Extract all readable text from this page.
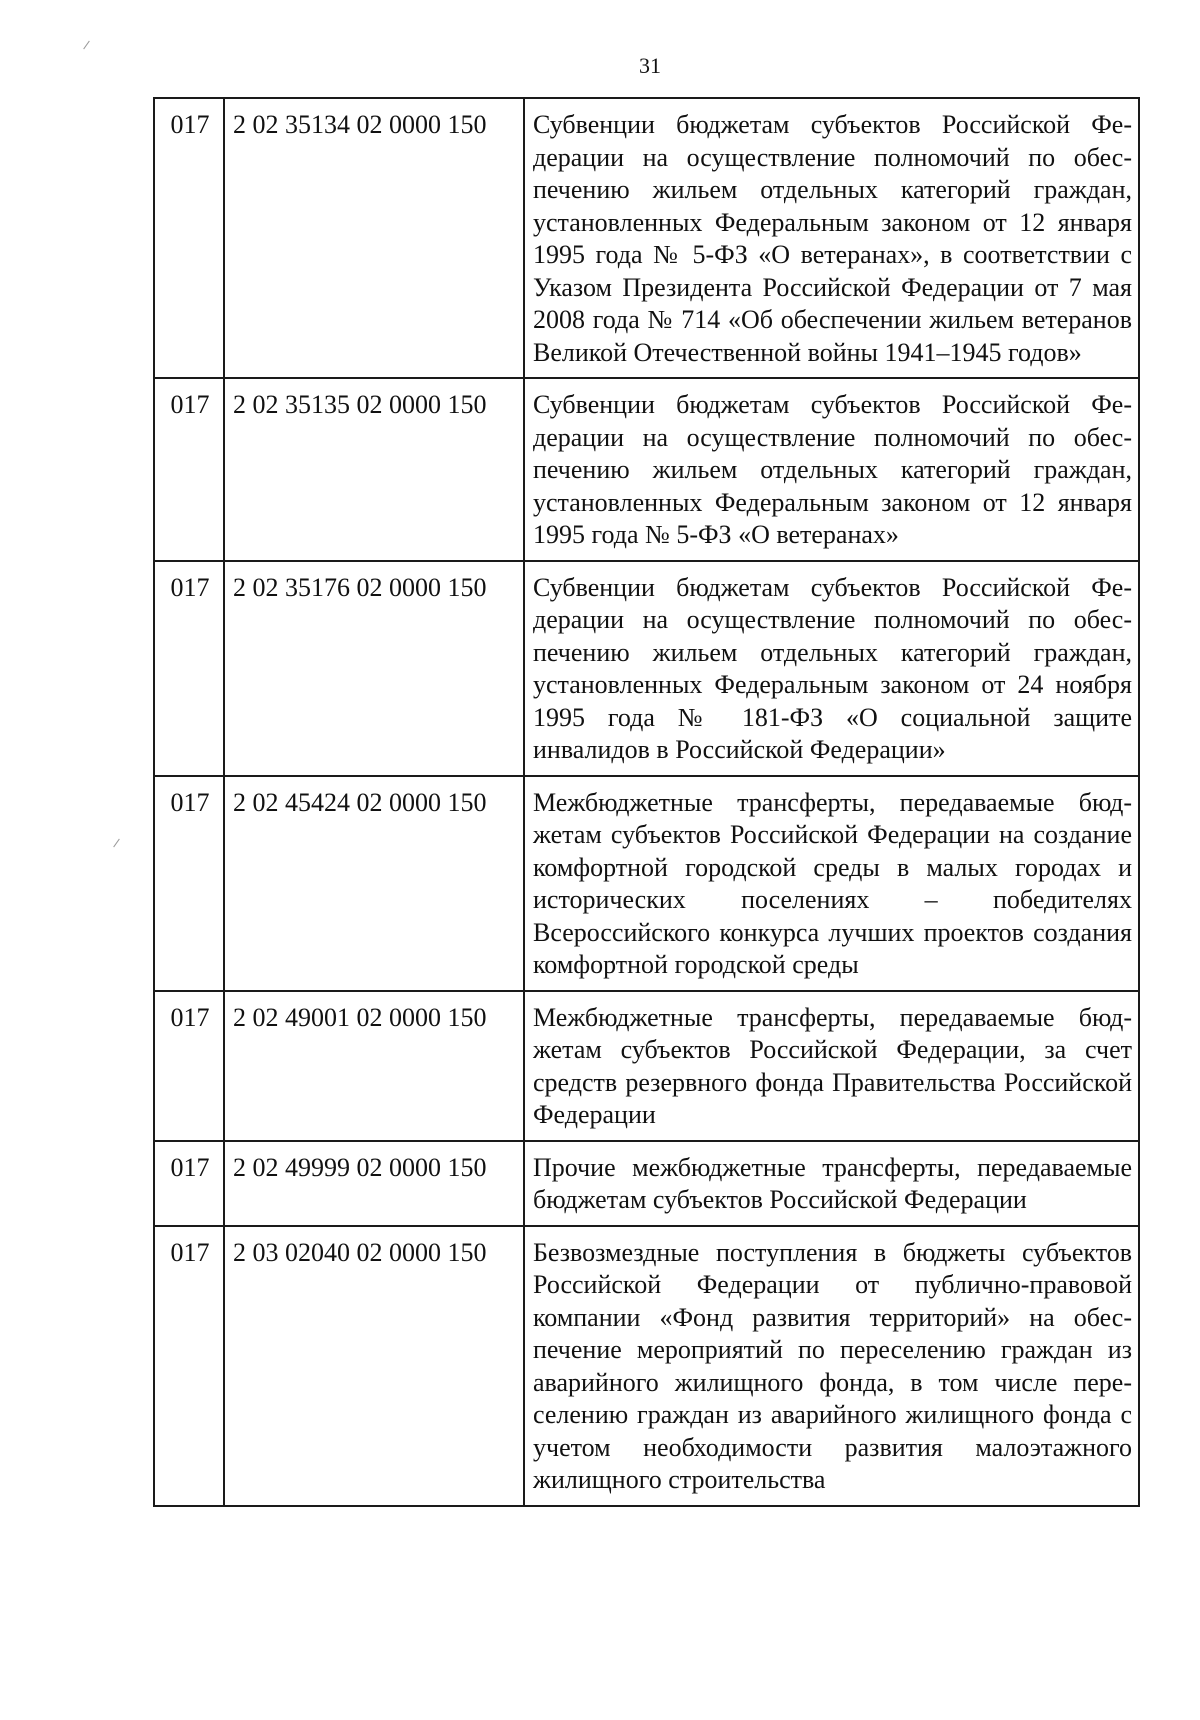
31
017	2 02 35134 02 0000 150	Субвенции бюджетам субъектов Российской Федерации на осуществление полномочий по обеспечению жильем отдельных категорий граждан, установленных Федеральным законом от 12 января 1995 года № 5-ФЗ «О ветеранах», в соответствии с Указом Президента Российской Федерации от 7 мая 2008 года № 714 «Об обеспечении жильем ветеранов Великой Отечественной войны 1941–1945 годов»
017	2 02 35135 02 0000 150	Субвенции бюджетам субъектов Российской Федерации на осуществление полномочий по обеспечению жильем отдельных категорий граждан, установленных Федеральным законом от 12 января 1995 года № 5-ФЗ «О ветеранах»
017	2 02 35176 02 0000 150	Субвенции бюджетам субъектов Российской Федерации на осуществление полномочий по обеспечению жильем отдельных категорий граждан, установленных Федеральным законом от 24 ноября 1995 года № 181-ФЗ «О социальной защите инвалидов в Российской Федерации»
017	2 02 45424 02 0000 150	Межбюджетные трансферты, передаваемые бюджетам субъектов Российской Федерации на создание комфортной городской среды в малых городах и исторических поселениях – победителях Всероссийского конкурса лучших проектов создания комфортной городской среды
017	2 02 49001 02 0000 150	Межбюджетные трансферты, передаваемые бюджетам субъектов Российской Федерации, за счет средств резервного фонда Правительства Российской Федерации
017	2 02 49999 02 0000 150	Прочие межбюджетные трансферты, передаваемые бюджетам субъектов Российской Федерации
017	2 03 02040 02 0000 150	Безвозмездные поступления в бюджеты субъектов Российской Федерации от публично-правовой компании «Фонд развития территорий» на обеспечение мероприятий по переселению граждан из аварийного жилищного фонда, в том числе переселению граждан из аварийного жилищного фонда с учетом необходимости развития малоэтажного жилищного строительства
